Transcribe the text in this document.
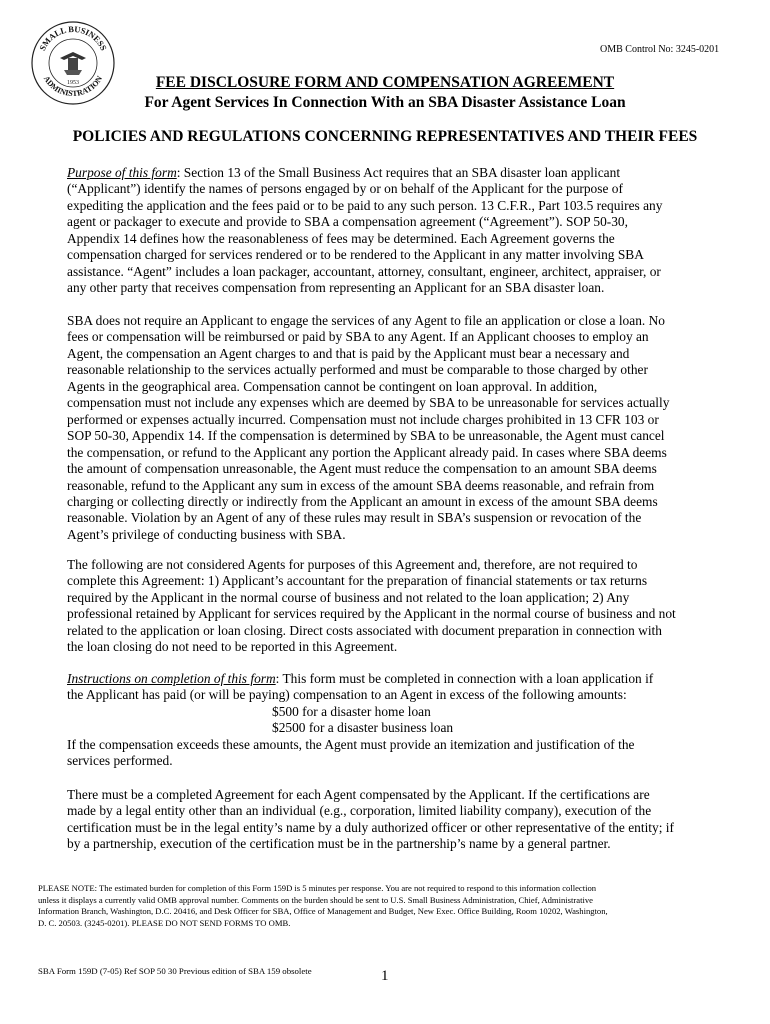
SMALL BUSINESS
ADMINISTRATION
1953
OMB Control No: 3245-0201
FEE DISCLOSURE FORM AND COMPENSATION AGREEMENT
For Agent Services In Connection With an SBA Disaster Assistance Loan
POLICIES AND REGULATIONS CONCERNING REPRESENTATIVES AND THEIR FEES

Purpose of this form: Section 13 of the Small Business Act requires that an SBA disaster loan applicant
(“Applicant”) identify the names of persons engaged by or on behalf of the Applicant for the purpose of
expediting the application and the fees paid or to be paid to any such person. 13 C.F.R., Part 103.5 requires any
agent or packager to execute and provide to SBA a compensation agreement (“Agreement”). SOP 50-30,
Appendix 14 defines how the reasonableness of fees may be determined. Each Agreement governs the
compensation charged for services rendered or to be rendered to the Applicant in any matter involving SBA
assistance. “Agent” includes a loan packager, accountant, attorney, consultant, engineer, architect, appraiser, or
any other party that receives compensation from representing an Applicant for an SBA disaster loan.

SBA does not require an Applicant to engage the services of any Agent to file an application or close a loan. No
fees or compensation will be reimbursed or paid by SBA to any Agent. If an Applicant chooses to employ an
Agent, the compensation an Agent charges to and that is paid by the Applicant must bear a necessary and
reasonable relationship to the services actually performed and must be comparable to those charged by other
Agents in the geographical area. Compensation cannot be contingent on loan approval. In addition,
compensation must not include any expenses which are deemed by SBA to be unreasonable for services actually
performed or expenses actually incurred. Compensation must not include charges prohibited in 13 CFR 103 or
SOP 50-30, Appendix 14. If the compensation is determined by SBA to be unreasonable, the Agent must cancel
the compensation, or refund to the Applicant any portion the Applicant already paid. In cases where SBA deems
the amount of compensation unreasonable, the Agent must reduce the compensation to an amount SBA deems
reasonable, refund to the Applicant any sum in excess of the amount SBA deems reasonable, and refrain from
charging or collecting directly or indirectly from the Applicant an amount in excess of the amount SBA deems
reasonable. Violation by an Agent of any of these rules may result in SBA’s suspension or revocation of the
Agent’s privilege of conducting business with SBA.

The following are not considered Agents for purposes of this Agreement and, therefore, are not required to
complete this Agreement: 1) Applicant’s accountant for the preparation of financial statements or tax returns
required by the Applicant in the normal course of business and not related to the loan application; 2) Any
professional retained by Applicant for services required by the Applicant in the normal course of business and not
related to the application or loan closing. Direct costs associated with document preparation in connection with
the loan closing do not need to be reported in this Agreement.

Instructions on completion of this form: This form must be completed in connection with a loan application if
the Applicant has paid (or will be paying) compensation to an Agent in excess of the following amounts:

$500 for a disaster home loan
$2500 for a disaster business loan

If the compensation exceeds these amounts, the Agent must provide an itemization and justification of the
services performed.

There must be a completed Agreement for each Agent compensated by the Applicant. If the certifications are
made by a legal entity other than an individual (e.g., corporation, limited liability company), execution of the
certification must be in the legal entity’s name by a duly authorized officer or other representative of the entity; if
by a partnership, execution of the certification must be in the partnership’s name by a general partner.

PLEASE NOTE: The estimated burden for completion of this Form 159D is 5 minutes per response. You are not required to respond to this information collection
unless it displays a currently valid OMB approval number. Comments on the burden should be sent to U.S. Small Business Administration, Chief, Administrative
Information Branch, Washington, D.C. 20416, and Desk Officer for SBA, Office of Management and Budget, New Exec. Office Building, Room 10202, Washington,
D. C. 20503. (3245-0201). PLEASE DO NOT SEND FORMS TO OMB.

SBA Form 159D (7-05) Ref SOP 50 30 Previous edition of SBA 159 obsolete	1
